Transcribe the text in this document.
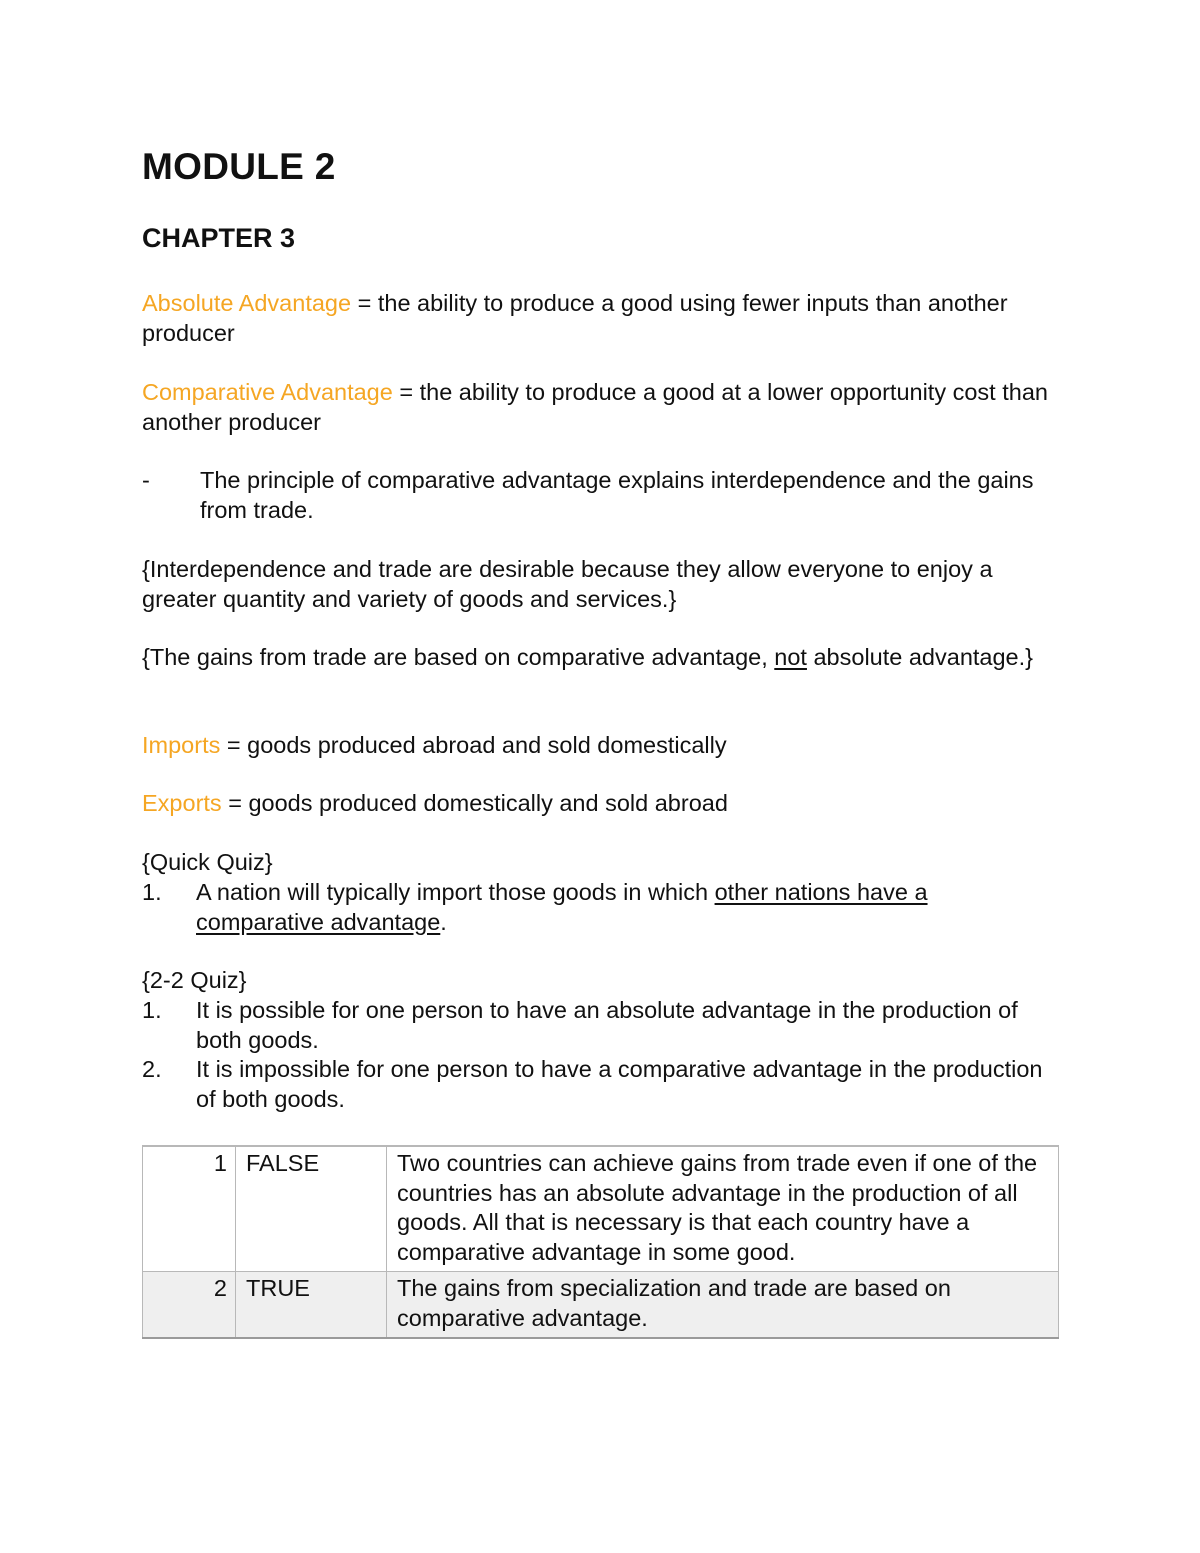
MODULE 2
CHAPTER 3

Absolute Advantage = the ability to produce a good using fewer inputs than another producer

Comparative Advantage = the ability to produce a good at a lower opportunity cost than another producer

- The principle of comparative advantage explains interdependence and the gains from trade.

{Interdependence and trade are desirable because they allow everyone to enjoy a greater quantity and variety of goods and services.}

{The gains from trade are based on comparative advantage, not absolute advantage.}

Imports = goods produced abroad and sold domestically

Exports = goods produced domestically and sold abroad

{Quick Quiz}

1. A nation will typically import those goods in which other nations have a comparative advantage.

{2-2 Quiz}

1. It is possible for one person to have an absolute advantage in the production of both goods.
2. It is impossible for one person to have a comparative advantage in the production of both goods.
1	FALSE	Two countries can achieve gains from trade even if one of the countries has an absolute advantage in the production of all goods. All that is necessary is that each country have a comparative advantage in some good.
2	TRUE	The gains from specialization and trade are based on comparative advantage.
